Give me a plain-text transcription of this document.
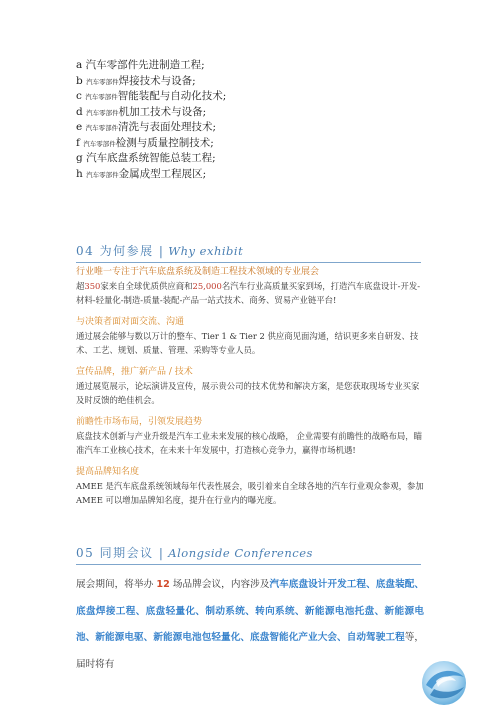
a 汽车零部件先进制造工程;
b 汽车零部件焊接技术与设备;
c 汽车零部件智能装配与自动化技术;
d 汽车零部件机加工技术与设备;
e 汽车零部件清洗与表面处理技术;
f 汽车零部件检测与质量控制技术;
g 汽车底盘系统智能总装工程;
h 汽车零部件金属成型工程展区;
04 为何参展 | Why exhibit
行业唯一专注于汽车底盘系统及制造工程技术领域的专业展会
超350家来自全球优质供应商和25,000名汽车行业高质量买家到场，打造汽车底盘设计-开发-材料-轻量化-制造-质量-装配-产品一站式技术、商务、贸易产业链平台!
与决策者面对面交流、沟通
通过展会能够与数以万计的整车、Tier 1 & Tier 2 供应商见面沟通，结识更多来自研发、技术、工艺、规划、质量、管理、采购等专业人员。
宣传品牌，推广新产品 / 技术
通过展览展示，论坛演讲及宣传，展示贵公司的技术优势和解决方案，是您获取现场专业买家及时反馈的绝佳机会。
前瞻性市场布局，引领发展趋势
底盘技术创新与产业升级是汽车工业未来发展的核心战略， 企业需要有前瞻性的战略布局，瞄准汽车工业核心技术，在未来十年发展中，打造核心竞争力，赢得市场机遇!
提高品牌知名度
AMEE 是汽车底盘系统领域每年代表性展会，吸引着来自全球各地的汽车行业观众参观，参加 AMEE 可以增加品牌知名度，提升在行业内的曝光度。
05 同期会议 | Alongside Conferences
展会期间，将举办 12 场品牌会议，内容涉及汽车底盘设计开发工程、底盘装配、底盘焊接工程、底盘轻量化、制动系统、转向系统、新能源电池托盘、新能源电池、新能源电驱、新能源电池包轻量化、底盘智能化产业大会、自动驾驶工程等，届时将有
